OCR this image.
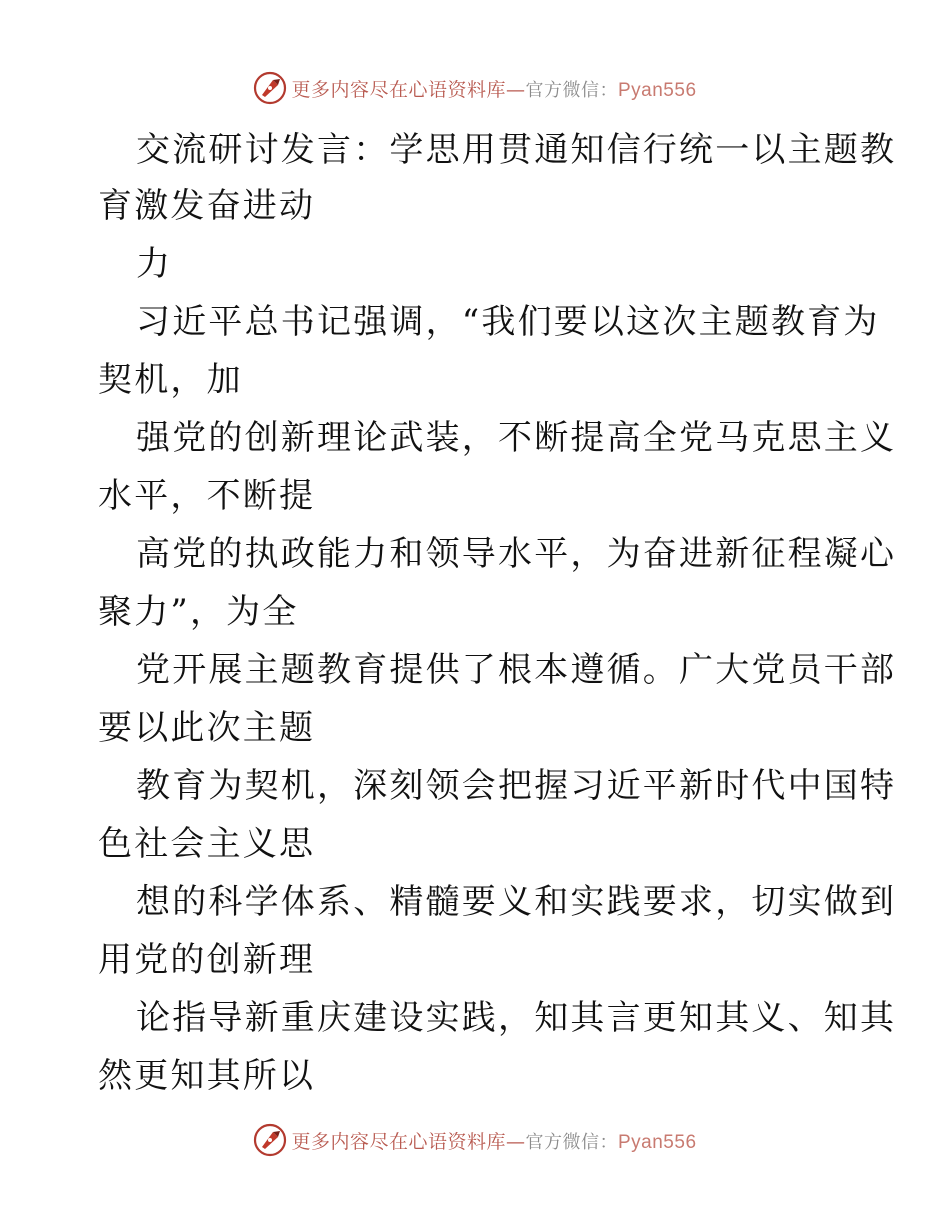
更多内容尽在心语资料库—官方微信：Pyan556
交流研讨发言：学思用贯通知信行统一以主题教
育激发奋进动
力
习近平总书记强调，“我们要以这次主题教育为
契机，加
强党的创新理论武装，不断提高全党马克思主义
水平，不断提
高党的执政能力和领导水平，为奋进新征程凝心
聚力”，为全
党开展主题教育提供了根本遵循。广大党员干部
要以此次主题
教育为契机，深刻领会把握习近平新时代中国特
色社会主义思
想的科学体系、精髓要义和实践要求，切实做到
用党的创新理
论指导新重庆建设实践，知其言更知其义、知其
然更知其所以
更多内容尽在心语资料库—官方微信：Pyan556
